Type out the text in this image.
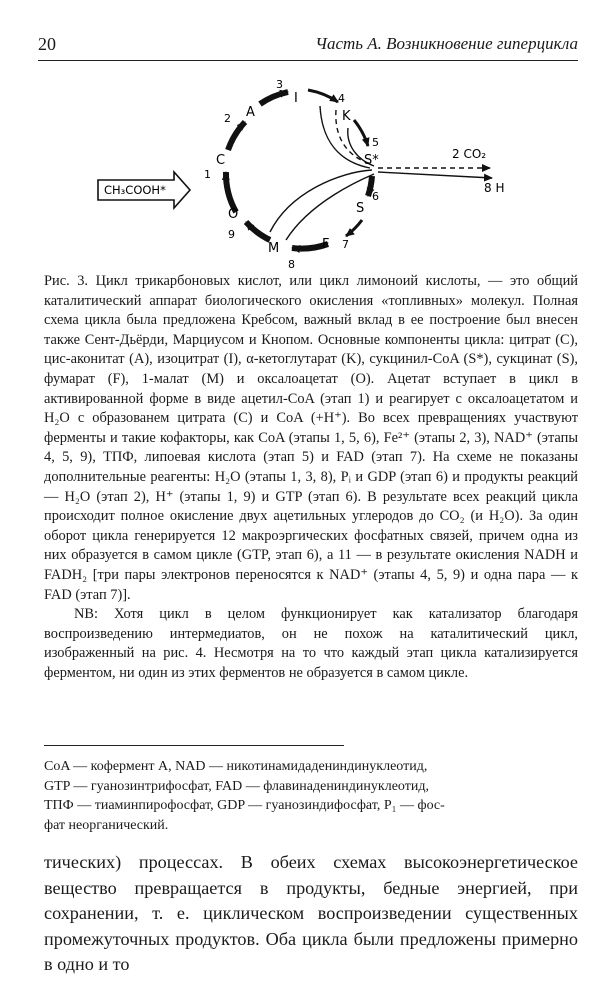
20	Часть А. Возникновение гиперцикла
2 CO₂
8 H
CH₃COOH*
C
A
I
K
S*
S
F
M
O
1
2
3
4
5
6
7
8
9

Рис. 3. Цикл трикарбоновых кислот, или цикл лимоноий кислоты, — это общий каталитический аппарат биологического окисления «топливных» молекул. Полная схема цикла была предложена Кребсом, важный вклад в ее построение был внесен также Сент-Дьёрди, Марциусом и Кнопом. Основные компоненты цикла: цитрат (C), цис-аконитат (A), изоцитрат (I), α-кетоглутарат (K), сукцинил-CoA (S*), сукцинат (S), фумарат (F), 1-малат (M) и оксалоацетат (O). Ацетат вступает в цикл в активированной форме в виде ацетил-CoA (этап 1) и реагирует с оксалоацетатом и H₂O с образованем цитрата (C) и CoA (+H⁺). Во всех превращениях участвуют ферменты и такие кофакторы, как CoA (этапы 1, 5, 6), Fe²⁺ (этапы 2, 3), NAD⁺ (этапы 4, 5, 9), ТПФ, липоевая кислота (этап 5) и FAD (этап 7). На схеме не показаны дополнительные реагенты: H₂O (этапы 1, 3, 8), Pᵢ и GDP (этап 6) и продукты реакций — H₂O (этап 2), H⁺ (этапы 1, 9) и GTP (этап 6). В результате всех реакций цикла происходит полное окисление двух ацетильных углеродов до CO₂ (и H₂O). За один оборот цикла генерируется 12 макроэргических фосфатных связей, причем одна из них образуется в самом цикле (GTP, этап 6), а 11 — в результате окисления NADH и FADH₂ [три пары электронов переносятся к NAD⁺ (этапы 4, 5, 9) и одна пара — к FAD (этап 7)].

NB: Хотя цикл в целом функционирует как катализатор благодаря воспроизведению интермедиатов, он не похож на каталитический цикл, изображенный на рис. 4. Несмотря на то что каждый этап цикла катализируется ферментом, ни один из этих ферментов не образуется в самом цикле.

CoA — кофермент A, NAD — никотинамидадениндинуклеотид,
GTP — гуанозинтрифосфат, FAD — флавинадениндинуклеотид,
ТПФ — тиаминпирофосфат, GDP — гуанозиндифосфат, P₁ — фос-
фат неорганический.

тических) процессах. В обеих схемах высокоэнергетическое вещество превращается в продукты, бедные энергией, при сохранении, т. е. циклическом воспроизведении существенных промежуточных продуктов. Оба цикла были предложены примерно в одно и то
